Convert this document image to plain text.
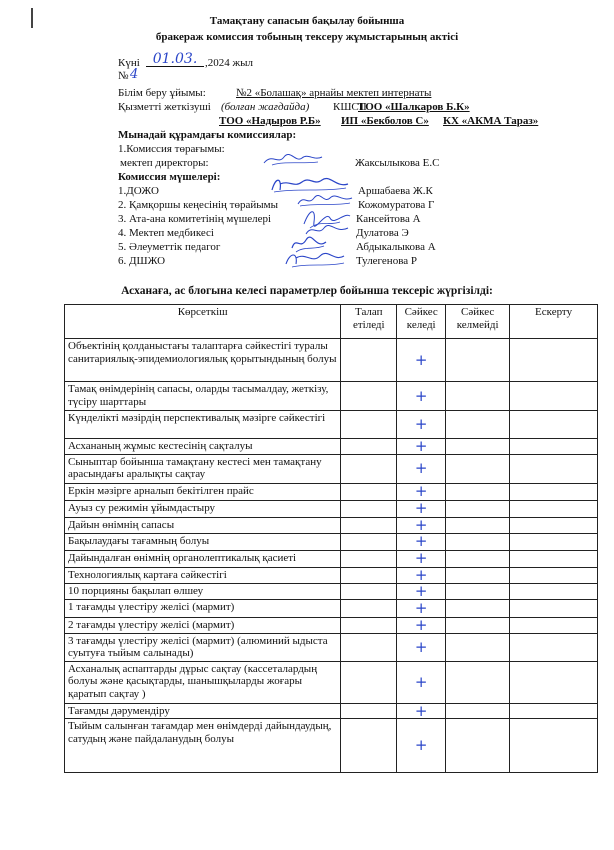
Тамақтану сапасын бақылау бойынша
бракераж комиссия тобының тексеру жұмыстарының актісі
Күні 01.03. ,2024 жыл
№ 4
Білім беру ұйымы:	№2 «Болашақ» арнайы мектеп интернаты
Қызметті жеткізуші (болған жағдайда) КШСП
ТОО «Шалкаров Б.К»
ТОО «Надыров Р.Б» ИП «Бекболов С» КХ «АКМА Тараз»
Мынадай құрамдағы комиссиялар:
1.Комиссия төрағымы:
мектеп директоры:	Жаксылыкова Е.С
Комиссия мүшелері:
1.ДОЖО	Аршабаева Ж.К
2. Қамқоршы кеңесінің төрайымы	Кожомуратова Г
3. Ата-ана комитетінің мүшелері	Кансейтова А
4. Мектеп медбикесі	Дулатова Э
5. Әлеуметтік педагог	Абдыкалыкова А
6. ДШЖО	Тулегенова Р
Асханаға, ас блогына келесі параметрлер бойынша тексеріс жүргізілді:
Көрсеткіш	Талап етіледі	Сәйкес келеді	Сәйкес келмейді	Ескерту
Объектінің қолданыстағы талаптарға сәйкестігі туралы санитариялық-эпидемиологиялық қорытындының болуы		+		
Тамақ өнімдерінің сапасы, оларды тасымалдау, жеткізу, түсіру шарттары		+		
Күнделікті мәзірдің перспективалық мәзірге сәйкестігі		+		
Асхананың жұмыс кестесінің сақталуы		+		
Сыныптар бойынша тамақтану кестесі мен тамақтану арасындағы аралықты сақтау		+		
Еркін мәзірге арналып бекітілген прайс		+		
Ауыз су режимін ұйымдастыру		+		
Дайын өнімнің сапасы		+		
Бақылаудағы тағамның болуы		+		
Дайындалған өнімнің органолептикалық қасиеті		+		
Технологиялық картаға сәйкестігі		+		
10 порцияны бақылап өлшеу		+		
1 тағамды үлестіру желісі (мармит)		+		
2 тағамды үлестіру желісі (мармит)		+		
3 тағамды үлестіру желісі (мармит) (алюминий ыдыста суытуға тыйым салынады)		+		
Асханалық аспаптарды дұрыс сақтау (кассеталардың болуы және қасықтарды, шанышқыларды жоғары қаратып сақтау )		+		
Тағамды дәрумендіру		+		
Тыйым салынған тағамдар мен өнімдерді дайындаудың, сатудың және пайдаланудың болуы		+		
